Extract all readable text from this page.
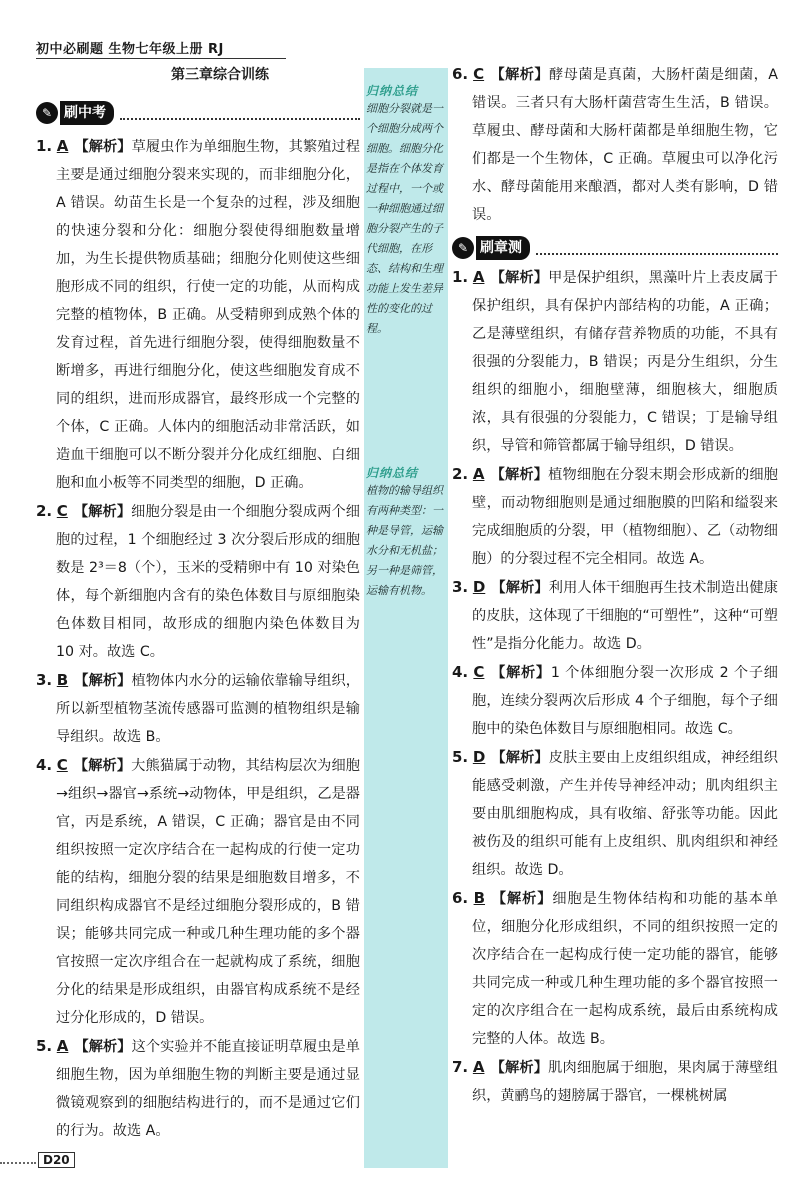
初中必刷题 生物七年级上册 RJ
第三章综合训练
✎ 刷中考
归纳总结
细胞分裂就是一个细胞分成两个细胞。细胞分化是指在个体发育过程中，一个或一种细胞通过细胞分裂产生的子代细胞，在形态、结构和生理功能上发生差异性的变化的过程。
归纳总结
植物的输导组织有两种类型：一种是导管，运输水分和无机盐；另一种是筛管，运输有机物。

1. A 【解析】草履虫作为单细胞生物，其繁殖过程主要是通过细胞分裂来实现的，而非细胞分化，A 错误。幼苗生长是一个复杂的过程，涉及细胞的快速分裂和分化：细胞分裂使得细胞数量增加，为生长提供物质基础；细胞分化则使这些细胞形成不同的组织，行使一定的功能，从而构成完整的植物体，B 正确。从受精卵到成熟个体的发育过程，首先进行细胞分裂，使得细胞数量不断增多，再进行细胞分化，使这些细胞发育成不同的组织，进而形成器官，最终形成一个完整的个体，C 正确。人体内的细胞活动非常活跃，如造血干细胞可以不断分裂并分化成红细胞、白细胞和血小板等不同类型的细胞，D 正确。

2. C 【解析】细胞分裂是由一个细胞分裂成两个细胞的过程，1 个细胞经过 3 次分裂后形成的细胞数是 2³＝8（个），玉米的受精卵中有 10 对染色体，每个新细胞内含有的染色体数目与原细胞染色体数目相同，故形成的细胞内染色体数目为 10 对。故选 C。

3. B 【解析】植物体内水分的运输依靠输导组织，所以新型植物茎流传感器可监测的植物组织是输导组织。故选 B。

4. C 【解析】大熊猫属于动物，其结构层次为细胞→组织→器官→系统→动物体，甲是组织，乙是器官，丙是系统，A 错误，C 正确；器官是由不同组织按照一定次序结合在一起构成的行使一定功能的结构，细胞分裂的结果是细胞数目增多，不同组织构成器官不是经过细胞分裂形成的，B 错误；能够共同完成一种或几种生理功能的多个器官按照一定次序组合在一起就构成了系统，细胞分化的结果是形成组织，由器官构成系统不是经过分化形成的，D 错误。

5. A 【解析】这个实验并不能直接证明草履虫是单细胞生物，因为单细胞生物的判断主要是通过显微镜观察到的细胞结构进行的，而不是通过它们的行为。故选 A。

6. C 【解析】酵母菌是真菌，大肠杆菌是细菌，A 错误。三者只有大肠杆菌营寄生生活，B 错误。草履虫、酵母菌和大肠杆菌都是单细胞生物，它们都是一个生物体，C 正确。草履虫可以净化污水、酵母菌能用来酿酒，都对人类有影响，D 错误。

✎ 刷章测

1. A 【解析】甲是保护组织，黑藻叶片上表皮属于保护组织，具有保护内部结构的功能，A 正确；乙是薄壁组织，有储存营养物质的功能，不具有很强的分裂能力，B 错误；丙是分生组织，分生组织的细胞小，细胞壁薄，细胞核大，细胞质浓，具有很强的分裂能力，C 错误；丁是输导组织，导管和筛管都属于输导组织，D 错误。

2. A 【解析】植物细胞在分裂末期会形成新的细胞壁，而动物细胞则是通过细胞膜的凹陷和缢裂来完成细胞质的分裂，甲（植物细胞）、乙（动物细胞）的分裂过程不完全相同。故选 A。

3. D 【解析】利用人体干细胞再生技术制造出健康的皮肤，这体现了干细胞的“可塑性”，这种“可塑性”是指分化能力。故选 D。

4. C 【解析】1 个体细胞分裂一次形成 2 个子细胞，连续分裂两次后形成 4 个子细胞，每个子细胞中的染色体数目与原细胞相同。故选 C。

5. D 【解析】皮肤主要由上皮组织组成，神经组织能感受刺激，产生并传导神经冲动；肌肉组织主要由肌细胞构成，具有收缩、舒张等功能。因此被伤及的组织可能有上皮组织、肌肉组织和神经组织。故选 D。

6. B 【解析】细胞是生物体结构和功能的基本单位，细胞分化形成组织，不同的组织按照一定的次序结合在一起构成行使一定功能的器官，能够共同完成一种或几种生理功能的多个器官按照一定的次序组合在一起构成系统，最后由系统构成完整的人体。故选 B。

7. A 【解析】肌肉细胞属于细胞，果肉属于薄壁组织，黄鹂鸟的翅膀属于器官，一棵桃树属

D20
